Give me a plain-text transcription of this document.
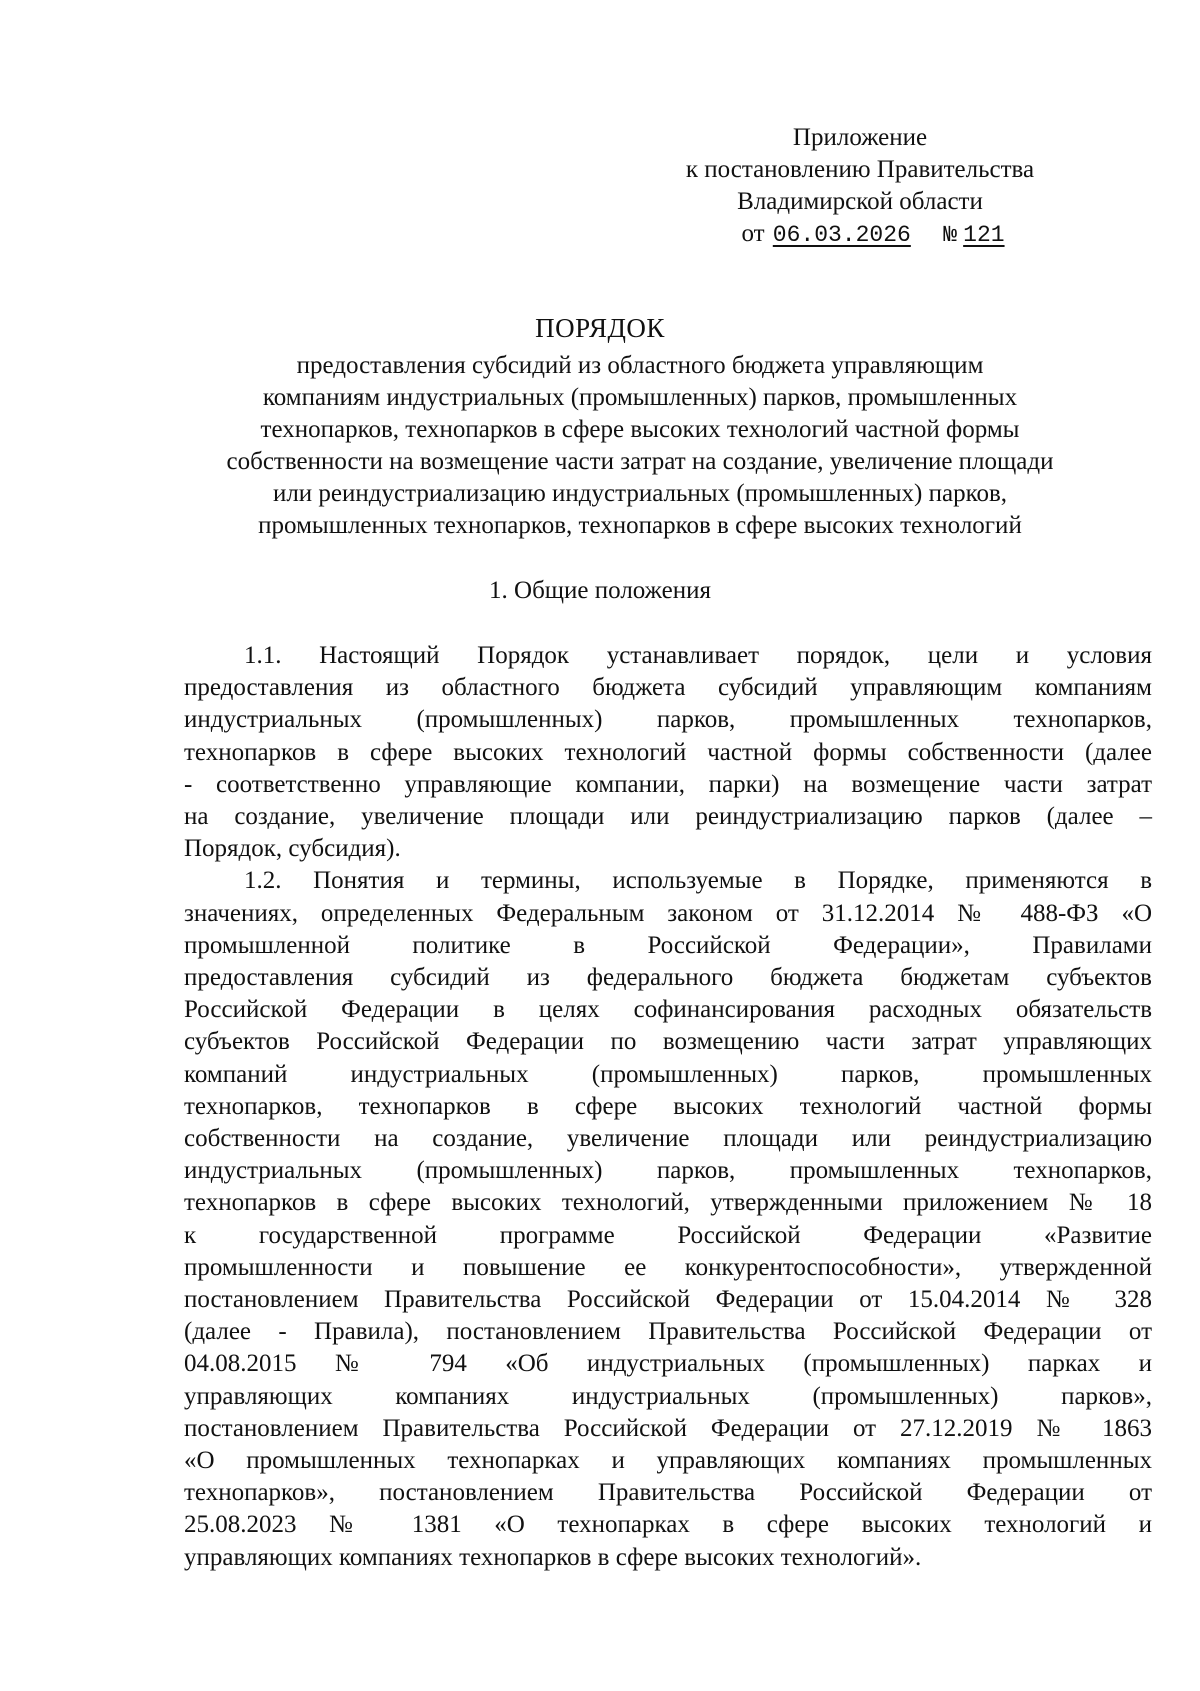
Приложение
к постановлению Правительства
Владимирской области
от 06.03.2026 № 121
ПОРЯДОК
предоставления субсидий из областного бюджета управляющим
компаниям индустриальных (промышленных) парков, промышленных
технопарков, технопарков в сфере высоких технологий частной формы
собственности на возмещение части затрат на создание, увеличение площади
или реиндустриализацию индустриальных (промышленных) парков,
промышленных технопарков, технопарков в сфере высоких технологий
1. Общие положения

1.1. Настоящий Порядок устанавливает порядок, цели и условия
предоставления из областного бюджета субсидий управляющим компаниям
индустриальных (промышленных) парков, промышленных технопарков,
технопарков в сфере высоких технологий частной формы собственности (далее
- соответственно управляющие компании, парки) на возмещение части затрат
на создание, увеличение площади или реиндустриализацию парков (далее –
Порядок, субсидия).

1.2. Понятия и термины, используемые в Порядке, применяются в
значениях, определенных Федеральным законом от 31.12.2014 № 488-ФЗ «О
промышленной политике в Российской Федерации», Правилами
предоставления субсидий из федерального бюджета бюджетам субъектов
Российской Федерации в целях софинансирования расходных обязательств
субъектов Российской Федерации по возмещению части затрат управляющих
компаний индустриальных (промышленных) парков, промышленных
технопарков, технопарков в сфере высоких технологий частной формы
собственности на создание, увеличение площади или реиндустриализацию
индустриальных (промышленных) парков, промышленных технопарков,
технопарков в сфере высоких технологий, утвержденными приложением № 18
к государственной программе Российской Федерации «Развитие
промышленности и повышение ее конкурентоспособности», утвержденной
постановлением Правительства Российской Федерации от 15.04.2014 № 328
(далее - Правила), постановлением Правительства Российской Федерации от
04.08.2015 № 794 «Об индустриальных (промышленных) парках и
управляющих компаниях индустриальных (промышленных) парков»,
постановлением Правительства Российской Федерации от 27.12.2019 № 1863
«О промышленных технопарках и управляющих компаниях промышленных
технопарков», постановлением Правительства Российской Федерации от
25.08.2023 № 1381 «О технопарках в сфере высоких технологий и
управляющих компаниях технопарков в сфере высоких технологий».
